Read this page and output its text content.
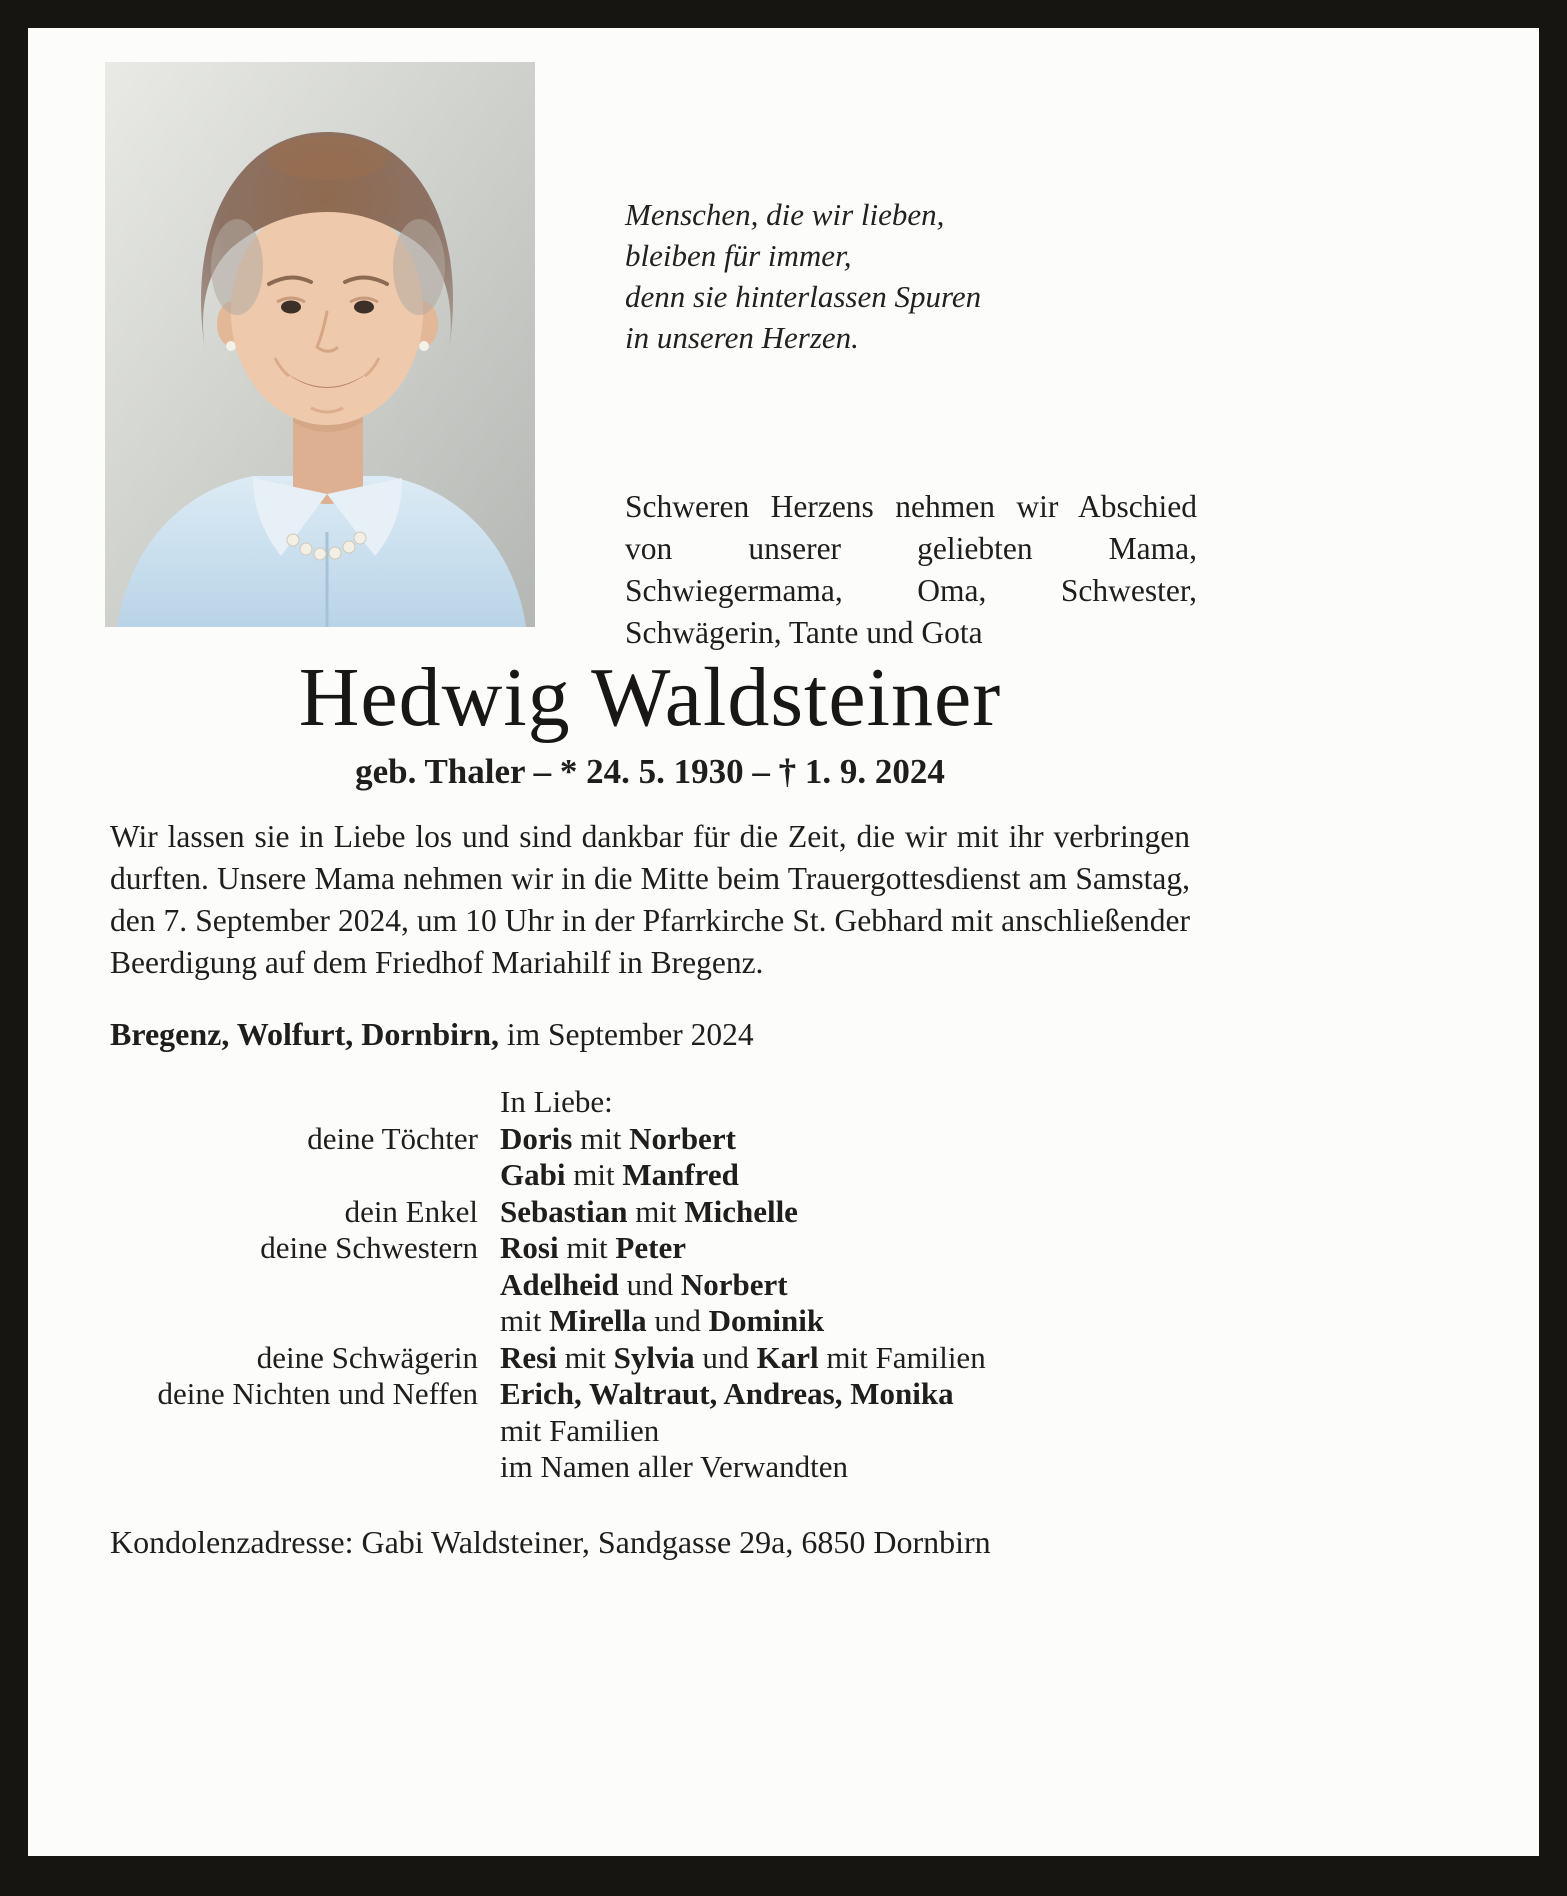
Menschen, die wir lieben,
bleiben für immer,
denn sie hinterlassen Spuren
in unseren Herzen.
Schweren Herzens nehmen wir Abschied von unserer geliebten Mama, Schwiegermama, Oma, Schwester, Schwägerin, Tante und Gota
Hedwig Waldsteiner
geb. Thaler – * 24. 5. 1930 – † 1. 9. 2024

Wir lassen sie in Liebe los und sind dankbar für die Zeit, die wir mit ihr verbringen durften. Unsere Mama nehmen wir in die Mitte beim Trauergottesdienst am Samstag, den 7. September 2024, um 10 Uhr in der Pfarrkirche St. Gebhard mit anschließender Beerdigung auf dem Friedhof Mariahilf in Bregenz.

Bregenz, Wolfurt, Dornbirn, im September 2024

In Liebe:
deine Töchter Doris mit Norbert
Gabi mit Manfred
dein Enkel Sebastian mit Michelle
deine Schwestern Rosi mit Peter
Adelheid und Norbert
mit Mirella und Dominik
deine Schwägerin Resi mit Sylvia und Karl mit Familien
deine Nichten und Neffen Erich, Waltraut, Andreas, Monika
mit Familien
im Namen aller Verwandten

Kondolenzadresse: Gabi Waldsteiner, Sandgasse 29a, 6850 Dornbirn
